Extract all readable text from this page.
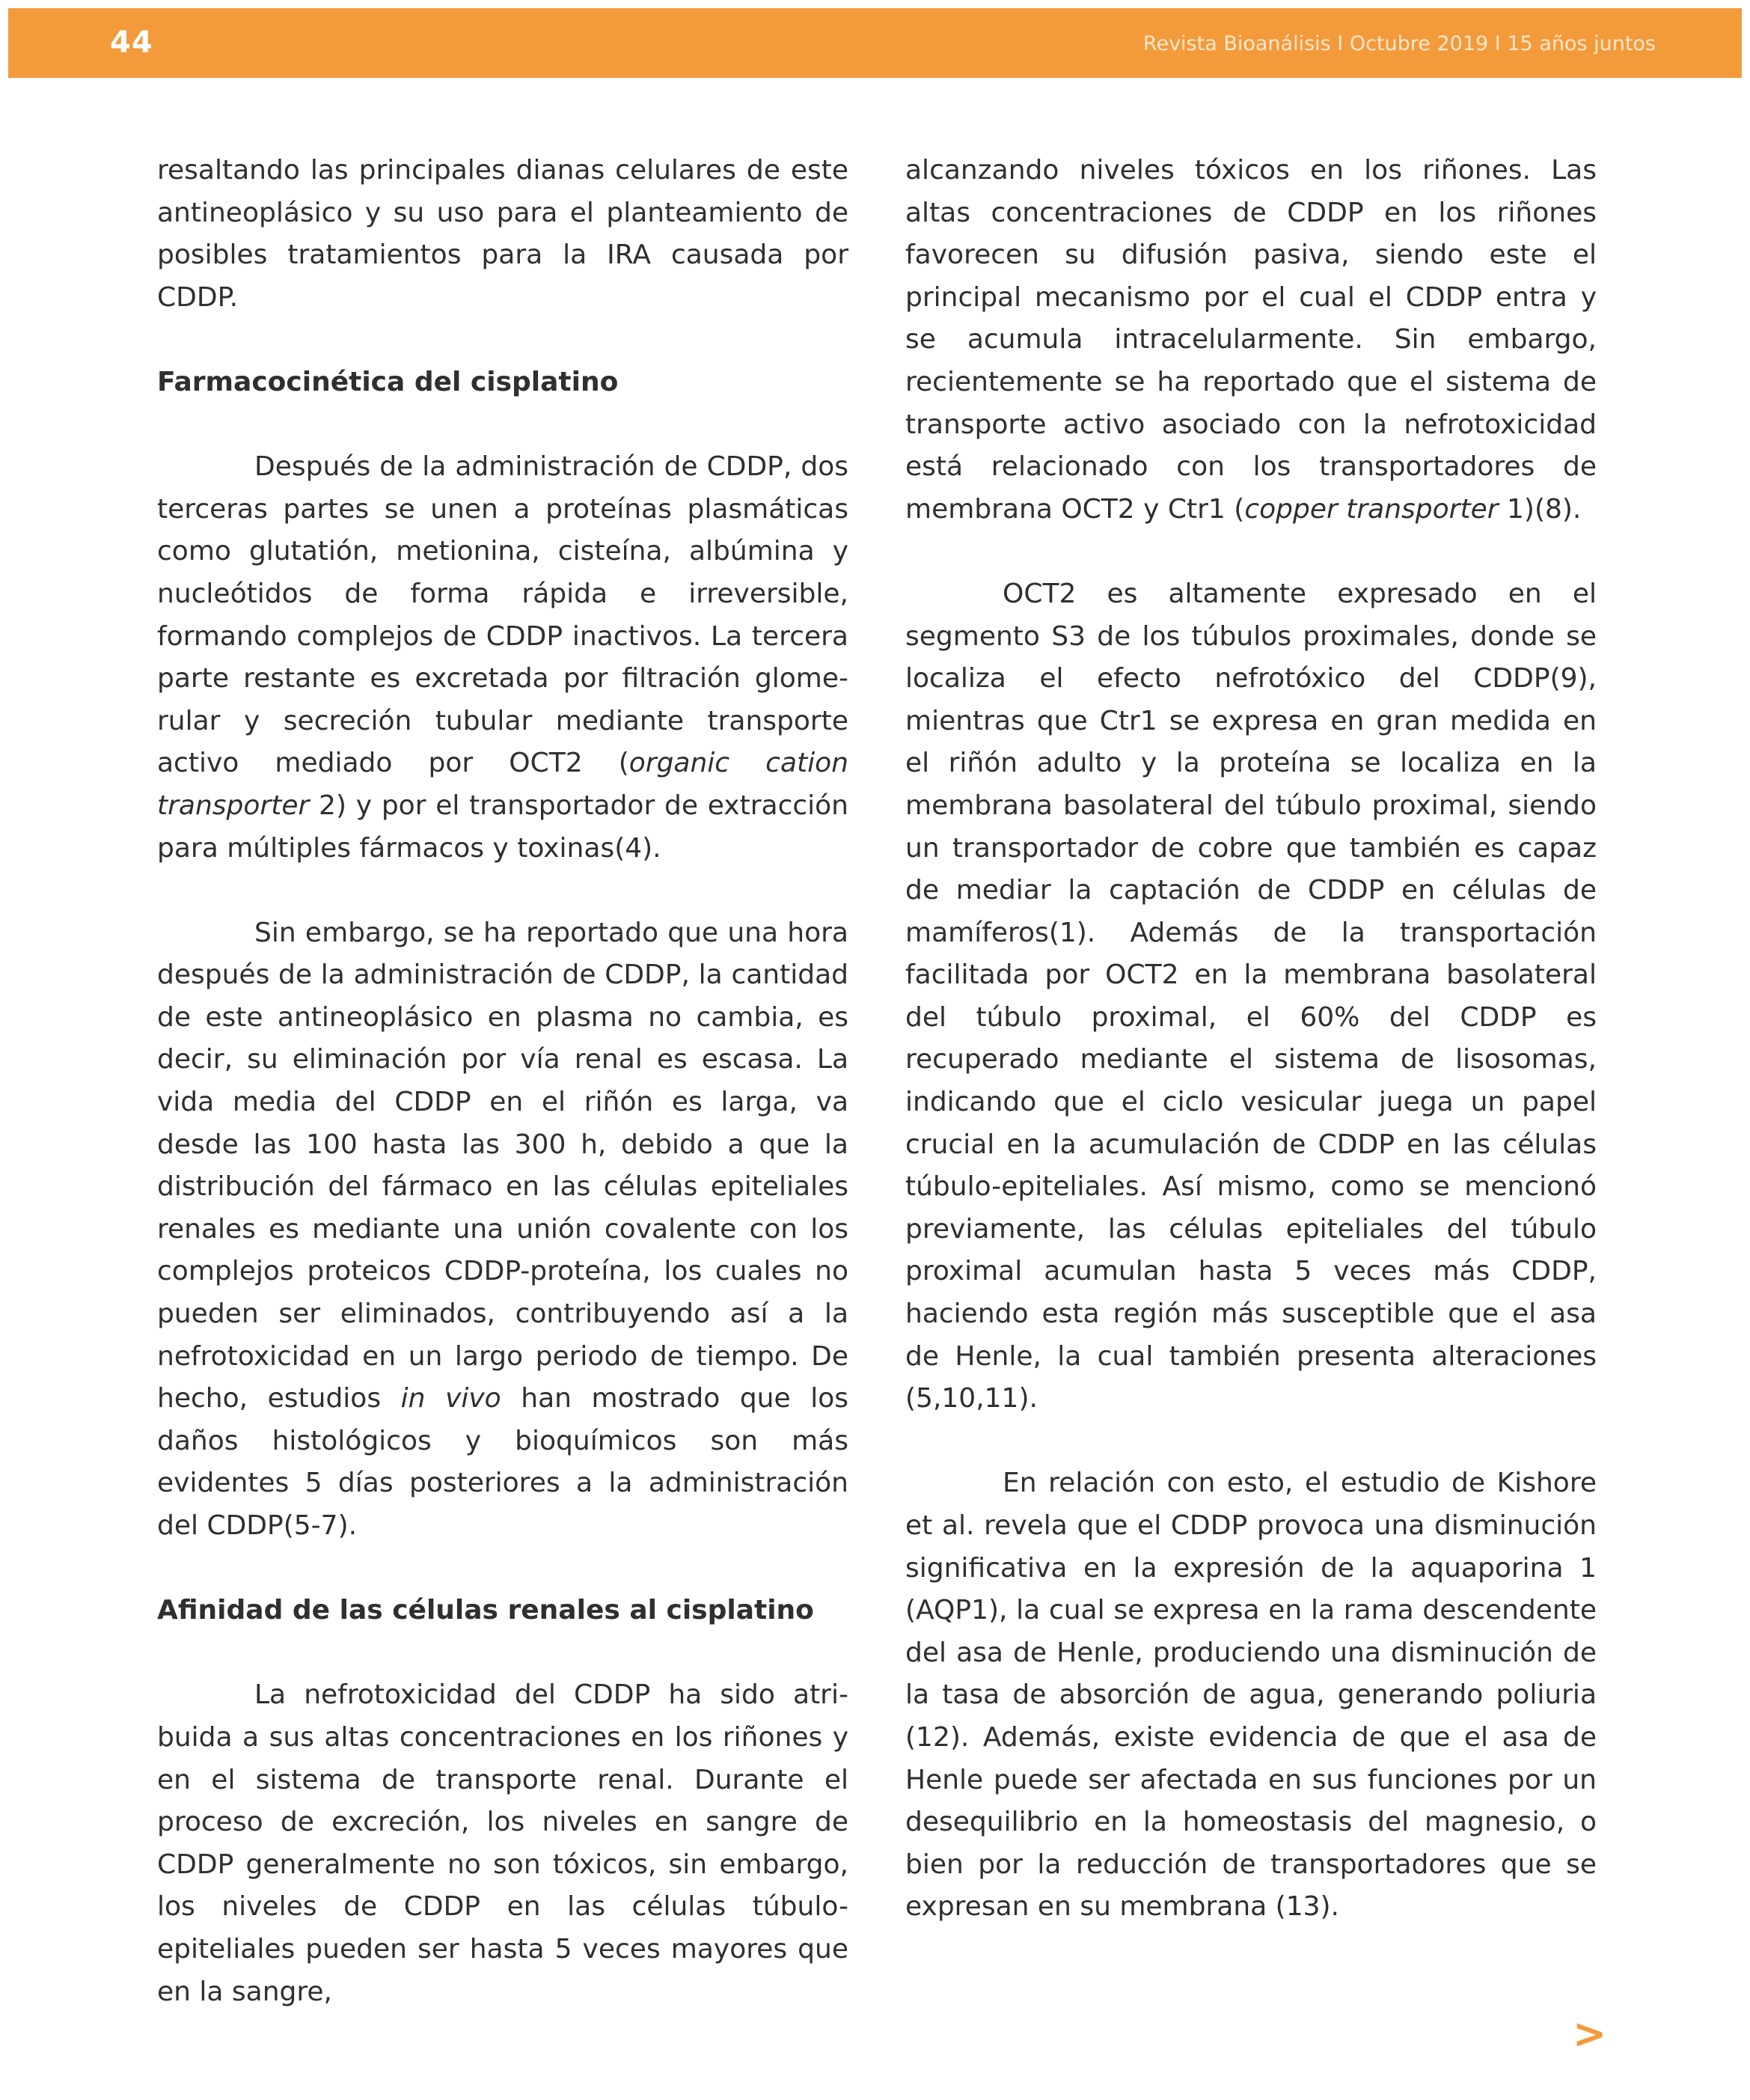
44	Revista Bioanálisis I Octubre 2019 I 15 años juntos

resaltando las principales dianas celulares de este antineoplásico y su uso para el planteamiento de posibles tratamientos para la IRA causada por CDDP.

Farmacocinética del cisplatino

Después de la administración de CDDP, dos terceras partes se unen a proteínas plasmáticas como glutatión, metionina, cisteína, albúmina y nucleótidos de forma rápida e irreversible, formando complejos de CDDP inactivos. La tercera parte restante es excretada por filtración glomerular y secreción tubular mediante transporte activo mediado por OCT2 (organic cation transporter 2) y por el transportador de extracción para múltiples fármacos y toxinas(4).

Sin embargo, se ha reportado que una hora después de la administración de CDDP, la cantidad de este antineoplásico en plasma no cambia, es decir, su eliminación por vía renal es escasa. La vida media del CDDP en el riñón es larga, va desde las 100 hasta las 300 h, debido a que la distribución del fármaco en las células epiteliales renales es mediante una unión covalente con los complejos proteicos CDDP-proteína, los cuales no pueden ser eliminados, contribuyendo así a la nefrotoxicidad en un largo periodo de tiempo. De hecho, estudios in vivo han mostrado que los daños histológicos y bioquímicos son más evidentes 5 días posteriores a la administración del CDDP(5-7).

Afinidad de las células renales al cisplatino

La nefrotoxicidad del CDDP ha sido atribuida a sus altas concentraciones en los riñones y en el sistema de transporte renal. Durante el proceso de excreción, los niveles en sangre de CDDP generalmente no son tóxicos, sin embargo, los niveles de CDDP en las células túbulo-epiteliales pueden ser hasta 5 veces mayores que en la sangre,

alcanzando niveles tóxicos en los riñones. Las altas concentraciones de CDDP en los riñones favorecen su difusión pasiva, siendo este el principal mecanismo por el cual el CDDP entra y se acumula intracelularmente. Sin embargo, recientemente se ha reportado que el sistema de transporte activo asociado con la nefrotoxicidad está relacionado con los transportadores de membrana OCT2 y Ctr1 (copper transporter 1)(8).

OCT2 es altamente expresado en el segmento S3 de los túbulos proximales, donde se localiza el efecto nefrotóxico del CDDP(9), mientras que Ctr1 se expresa en gran medida en el riñón adulto y la proteína se localiza en la membrana basolateral del túbulo proximal, siendo un transportador de cobre que también es capaz de mediar la captación de CDDP en células de mamíferos(1). Además de la transportación facilitada por OCT2 en la membrana basolateral del túbulo proximal, el 60% del CDDP es recuperado mediante el sistema de lisosomas, indicando que el ciclo vesicular juega un papel crucial en la acumulación de CDDP en las células túbulo-epiteliales. Así mismo, como se mencionó previamente, las células epiteliales del túbulo proximal acumulan hasta 5 veces más CDDP, haciendo esta región más susceptible que el asa de Henle, la cual también presenta alteraciones (5,10,11).

En relación con esto, el estudio de Kishore et al. revela que el CDDP provoca una disminución significativa en la expresión de la aquaporina 1 (AQP1), la cual se expresa en la rama descendente del asa de Henle, produciendo una disminución de la tasa de absorción de agua, generando poliuria (12). Además, existe evidencia de que el asa de Henle puede ser afectada en sus funciones por un desequilibrio en la homeostasis del magnesio, o bien por la reducción de transportadores que se expresan en su membrana (13).

>
